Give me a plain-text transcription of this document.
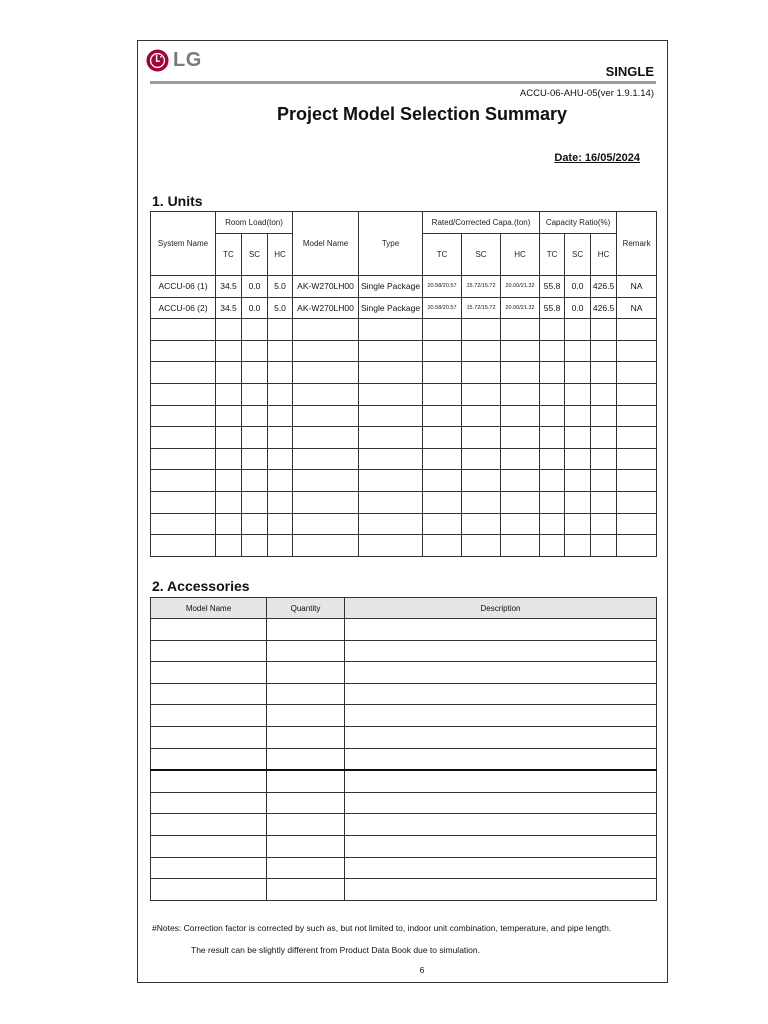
LG
SINGLE
ACCU-06-AHU-05(ver 1.9.1.14)
Project Model Selection Summary
Date: 16/05/2024
1. Units
System Name	Room Load(ton)			Model Name	Type	Rated/Corrected Capa.(ton)			Capacity Ratio(%)			Remark
	TC	SC	HC			TC	SC	HC	TC	SC	HC	
ACCU-06 (1)	34.5	0.0	5.0	AK-W270LH00	Single Package	20.58/20.57	15.72/15.72	20.00/21.32	55.8	0.0	426.5	NA
ACCU-06 (2)	34.5	0.0	5.0	AK-W270LH00	Single Package	20.58/20.57	15.72/15.72	20.00/21.32	55.8	0.0	426.5	NA

2. Accessories
Model Name	Quantity	Description

#Notes: Correction factor is corrected by such as, but not limited to, indoor unit combination, temperature, and pipe length.
The result can be slightly different from Product Data Book due to simulation.
6
